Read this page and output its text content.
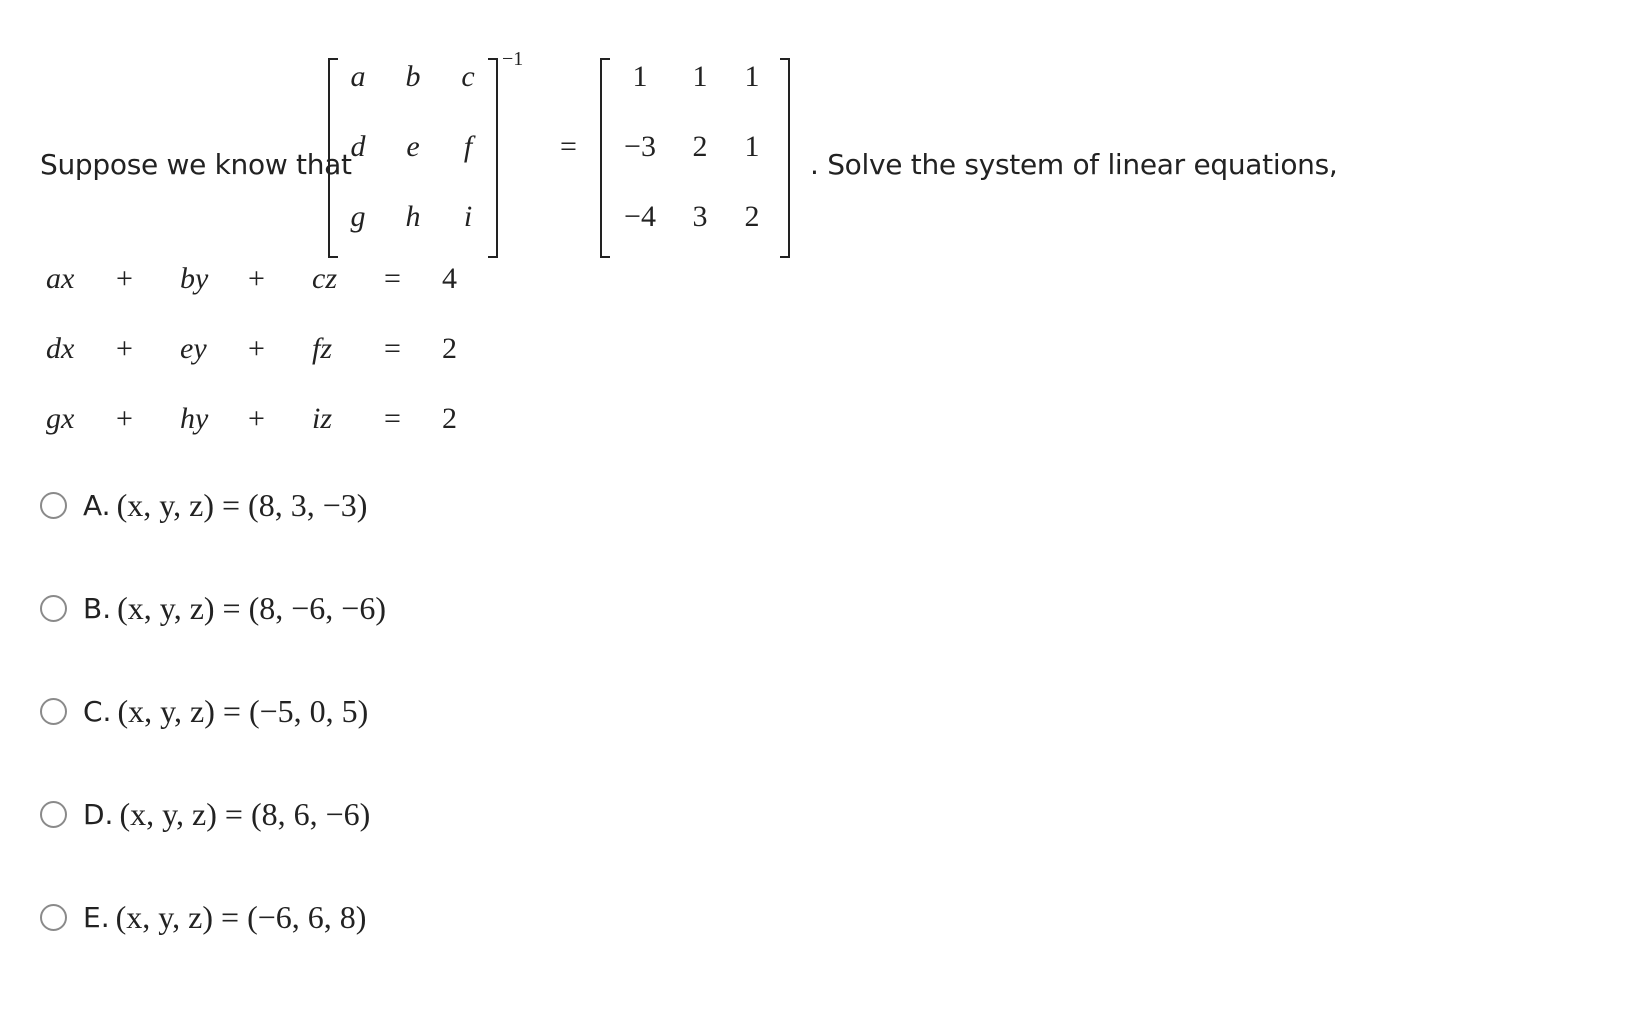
Suppose we know that
a	b	c
d	e	f
g	h	i
−1
=
1	1	1
−3	2	1
−4	3	2
. Solve the system of linear equations,
ax + by + cz = 4
dx + ey + fz = 2
gx + hy + iz = 2
A. (x, y, z) = (8, 3, −3)
B. (x, y, z) = (8, −6, −6)
C. (x, y, z) = (−5, 0, 5)
D. (x, y, z) = (8, 6, −6)
E. (x, y, z) = (−6, 6, 8)
